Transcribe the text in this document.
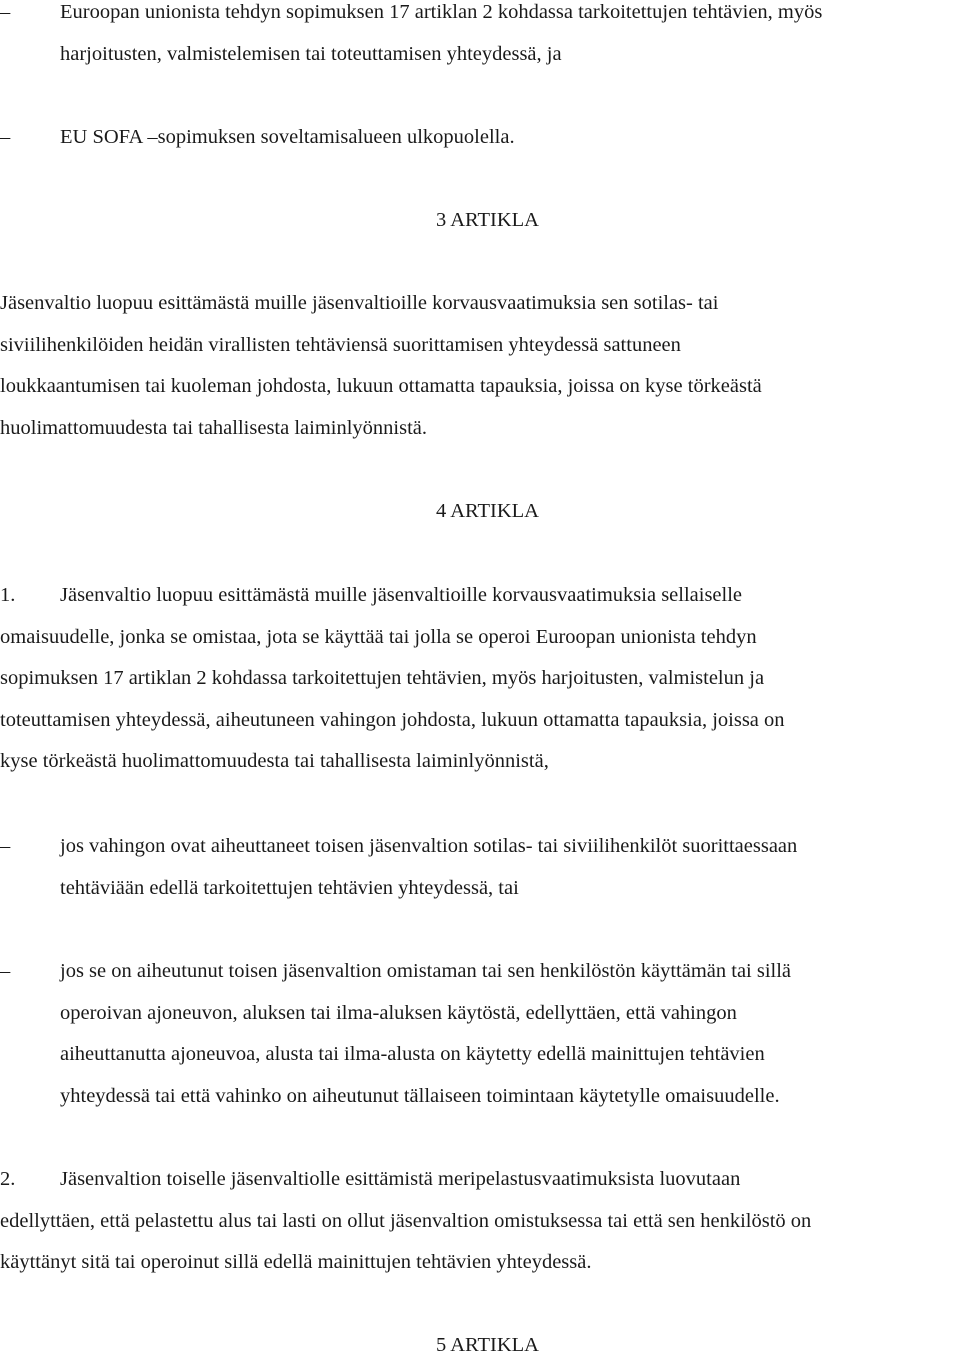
–	Euroopan unionista tehdyn sopimuksen 17 artiklan 2 kohdassa tarkoitettujen tehtävien, myös
harjoitusten, valmistelemisen tai toteuttamisen yhteydessä, ja
–	EU SOFA –sopimuksen soveltamisalueen ulkopuolella.
3 ARTIKLA
Jäsenvaltio luopuu esittämästä muille jäsenvaltioille korvausvaatimuksia sen sotilas- tai
siviilihenkilöiden heidän virallisten tehtäviensä suorittamisen yhteydessä sattuneen
loukkaantumisen tai kuoleman johdosta, lukuun ottamatta tapauksia, joissa on kyse törkeästä
huolimattomuudesta tai tahallisesta laiminlyönnistä.
4 ARTIKLA
1. Jäsenvaltio luopuu esittämästä muille jäsenvaltioille korvausvaatimuksia sellaiselle
omaisuudelle, jonka se omistaa, jota se käyttää tai jolla se operoi Euroopan unionista tehdyn
sopimuksen 17 artiklan 2 kohdassa tarkoitettujen tehtävien, myös harjoitusten, valmistelun ja
toteuttamisen yhteydessä, aiheutuneen vahingon johdosta, lukuun ottamatta tapauksia, joissa on
kyse törkeästä huolimattomuudesta tai tahallisesta laiminlyönnistä,
–	jos vahingon ovat aiheuttaneet toisen jäsenvaltion sotilas- tai siviilihenkilöt suorittaessaan
tehtäviään edellä tarkoitettujen tehtävien yhteydessä, tai
–	jos se on aiheutunut toisen jäsenvaltion omistaman tai sen henkilöstön käyttämän tai sillä
operoivan ajoneuvon, aluksen tai ilma-aluksen käytöstä, edellyttäen, että vahingon
aiheuttanutta ajoneuvoa, alusta tai ilma-alusta on käytetty edellä mainittujen tehtävien
yhteydessä tai että vahinko on aiheutunut tällaiseen toimintaan käytetylle omaisuudelle.
2. Jäsenvaltion toiselle jäsenvaltiolle esittämistä meripelastusvaatimuksista luovutaan
edellyttäen, että pelastettu alus tai lasti on ollut jäsenvaltion omistuksessa tai että sen henkilöstö on
käyttänyt sitä tai operoinut sillä edellä mainittujen tehtävien yhteydessä.
5 ARTIKLA
